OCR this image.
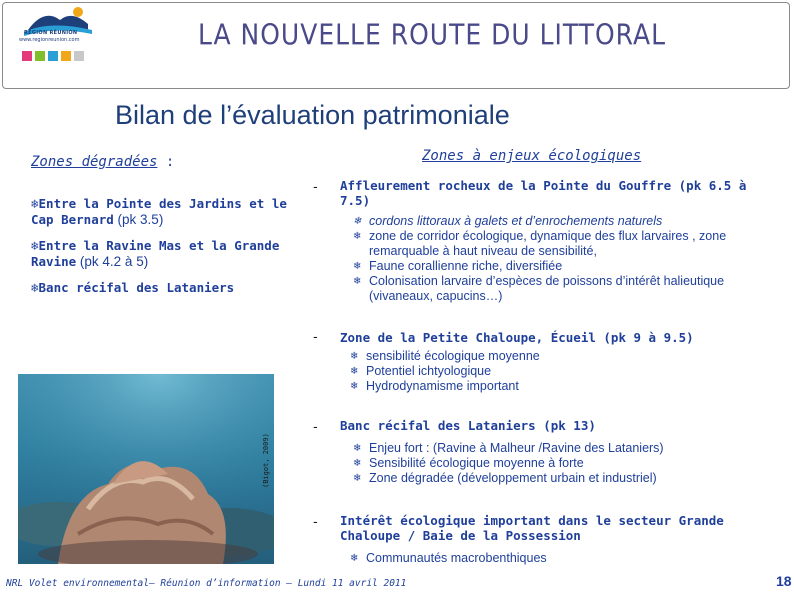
RÉGION RÉUNION
www.regionreunion.com	LA NOUVELLE ROUTE DU LITTORAL
Bilan de l’évaluation patrimoniale
Zones dégradées :
❄Entre la Pointe des Jardins et le Cap Bernard (pk 3.5)
❄Entre la Ravine Mas et la Grande Ravine (pk 4.2 à 5)
❄Banc récifal des Lataniers
Zones à enjeux écologiques
- Affleurement rocheux de la Pointe du Gouffre (pk 6.5 à 7.5)
❄ cordons littoraux à galets et d’enrochements naturels
❄ zone de corridor écologique, dynamique des flux larvaires , zone remarquable à haut niveau de sensibilité,
❄ Faune corallienne riche, diversifiée
❄ Colonisation larvaire d’espèces de poissons d’intérêt halieutique (vivaneaux, capucins…)
- Zone de la Petite Chaloupe, Écueil (pk 9 à 9.5)
❄ sensibilité écologique moyenne
❄ Potentiel ichtyologique
❄ Hydrodynamisme important
- Banc récifal des Lataniers (pk 13)
❄ Enjeu fort : (Ravine à Malheur /Ravine des Lataniers)
❄ Sensibilité écologique moyenne à forte
❄ Zone dégradée (développement urbain et industriel)
- Intérêt écologique important dans le secteur Grande Chaloupe / Baie de la Possession
❄ Communautés macrobenthiques
(Bigot, 2009)
NRL Volet environnemental– Réunion d’information – Lundi 11 avril 2011	18
